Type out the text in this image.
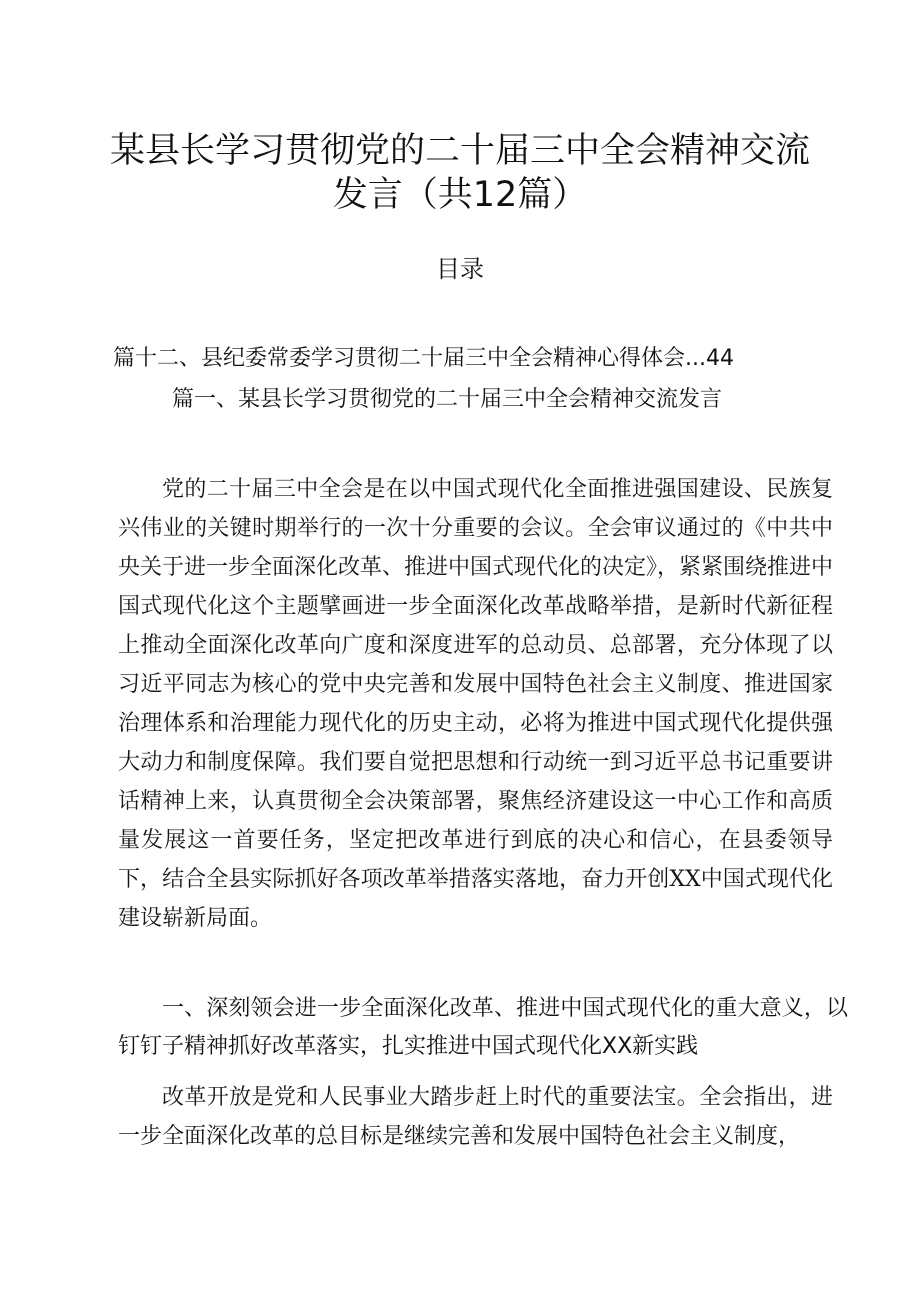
某县长学习贯彻党的二十届三中全会精神交流
发言（共12篇）
目录
篇十二、县纪委常委学习贯彻二十届三中全会精神心得体会...44
篇一、某县长学习贯彻党的二十届三中全会精神交流发言

党的二十届三中全会是在以中国式现代化全面推进强国建设、民族复兴伟业的关键时期举行的一次十分重要的会议。全会审议通过的《中共中央关于进一步全面深化改革、推进中国式现代化的决定》，紧紧围绕推进中国式现代化这个主题擘画进一步全面深化改革战略举措，是新时代新征程上推动全面深化改革向广度和深度进军的总动员、总部署，充分体现了以习近平同志为核心的党中央完善和发展中国特色社会主义制度、推进国家治理体系和治理能力现代化的历史主动，必将为推进中国式现代化提供强大动力和制度保障。我们要自觉把思想和行动统一到习近平总书记重要讲话精神上来，认真贯彻全会决策部署，聚焦经济建设这一中心工作和高质量发展这一首要任务，坚定把改革进行到底的决心和信心，在县委领导下，结合全县实际抓好各项改革举措落实落地，奋力开创XX中国式现代化建设崭新局面。

一、深刻领会进一步全面深化改革、推进中国式现代化的重大意义，以钉钉子精神抓好改革落实，扎实推进中国式现代化XX新实践

改革开放是党和人民事业大踏步赶上时代的重要法宝。全会指出，进一步全面深化改革的总目标是继续完善和发展中国特色社会主义制度，
